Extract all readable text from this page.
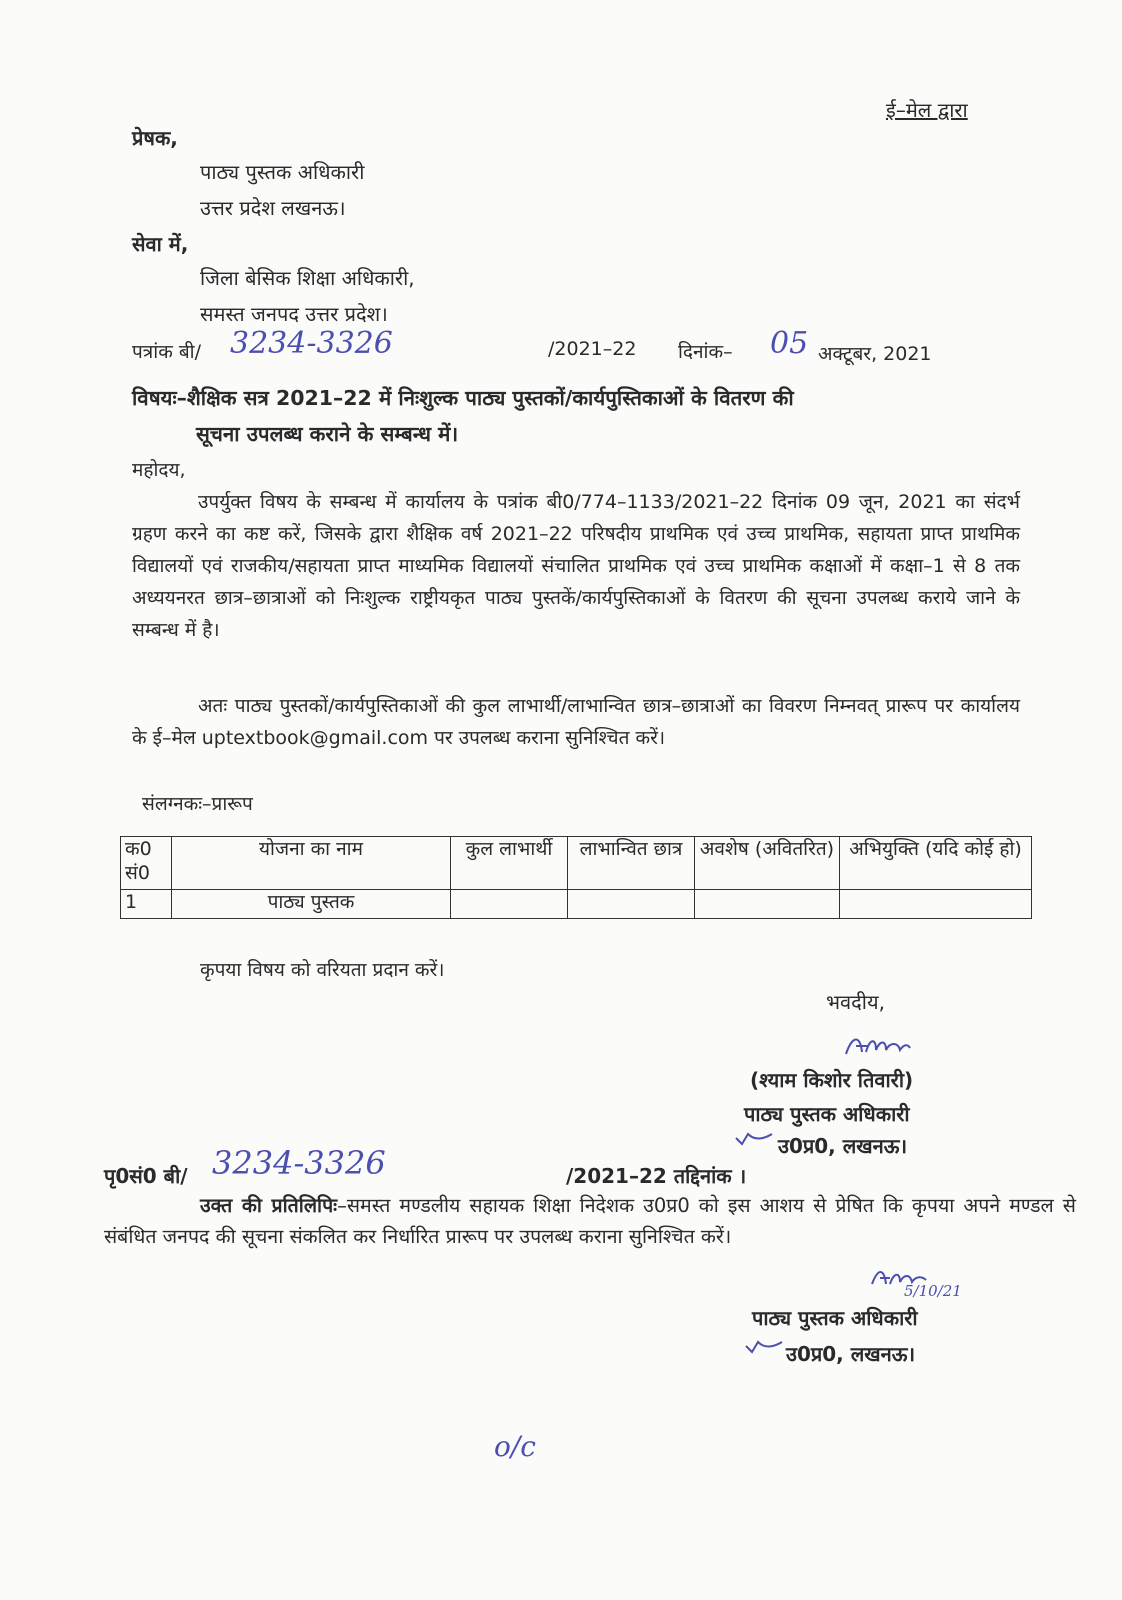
ई–मेल द्वारा
प्रेषक,
पाठ्य पुस्तक अधिकारी
उत्तर प्रदेश लखनऊ।
सेवा में,
जिला बेसिक शिक्षा अधिकारी,
समस्त जनपद उत्तर प्रदेश।
पत्रांक बी/ 3234-3326	/2021–22 दिनांक– 05 अक्टूबर, 2021
विषयः–शैक्षिक सत्र 2021–22 में निःशुल्क पाठ्य पुस्तकों/कार्यपुस्तिकाओं के वितरण की
सूचना उपलब्ध कराने के सम्बन्ध में।
महोदय,
उपर्युक्त विषय के सम्बन्ध में कार्यालय के पत्रांक बी0/774–1133/2021–22 दिनांक 09 जून, 2021 का संदर्भ ग्रहण करने का कष्ट करें, जिसके द्वारा शैक्षिक वर्ष 2021–22 परिषदीय प्राथमिक एवं उच्च प्राथमिक, सहायता प्राप्त प्राथमिक विद्यालयों एवं राजकीय/सहायता प्राप्त माध्यमिक विद्यालयों संचालित प्राथमिक एवं उच्च प्राथमिक कक्षाओं में कक्षा–1 से 8 तक अध्ययनरत छात्र–छात्राओं को निःशुल्क राष्ट्रीयकृत पाठ्य पुस्तकें/कार्यपुस्तिकाओं के वितरण की सूचना उपलब्ध कराये जाने के सम्बन्ध में है।
अतः पाठ्य पुस्तकों/कार्यपुस्तिकाओं की कुल लाभार्थी/लाभान्वित छात्र–छात्राओं का विवरण निम्नवत् प्रारूप पर कार्यालय के ई–मेल uptextbook@gmail.com पर उपलब्ध कराना सुनिश्चित करें।
संलग्नकः–प्रारूप
क0 सं0	योजना का नाम	कुल लाभार्थी	लाभान्वित छात्र	अवशेष (अवितरित)	अभियुक्ति (यदि कोई हो)
1	पाठ्य पुस्तक				
कृपया विषय को वरियता प्रदान करें।
भवदीय,
(श्याम किशोर तिवारी)
पाठ्य पुस्तक अधिकारी
उ0प्र0, लखनऊ।
पृ0सं0 बी/ 3234-3326	/2021–22 तद्दिनांक ।
उक्त की प्रतिलिपिः–समस्त मण्डलीय सहायक शिक्षा निदेशक उ0प्र0 को इस आशय से प्रेषित कि कृपया अपने मण्डल से संबंधित जनपद की सूचना संकलित कर निर्धारित प्रारूप पर उपलब्ध कराना सुनिश्चित करें।
5/10/21
पाठ्य पुस्तक अधिकारी
उ0प्र0, लखनऊ।
o/c
